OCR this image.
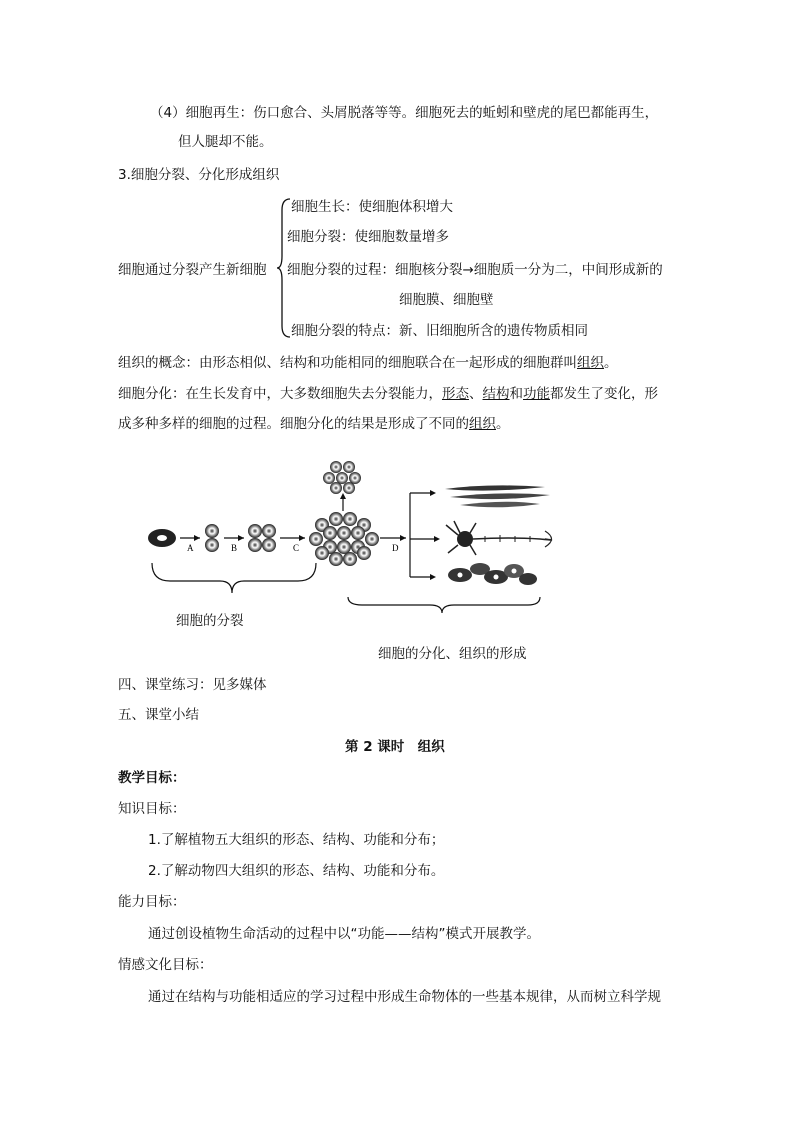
（4）细胞再生：伤口愈合、头屑脱落等等。细胞死去的蚯蚓和壁虎的尾巴都能再生，
但人腿却不能。
3.细胞分裂、分化形成组织
细胞通过分裂产生新细胞
细胞生长：使细胞体积增大
细胞分裂：使细胞数量增多
细胞分裂的过程：细胞核分裂→细胞质一分为二，中间形成新的
细胞膜、细胞壁
细胞分裂的特点：新、旧细胞所含的遗传物质相同
组织的概念：由形态相似、结构和功能相同的细胞联合在一起形成的细胞群叫组织。
细胞分化：在生长发育中，大多数细胞失去分裂能力，形态、结构和功能都发生了变化，形
成多种多样的细胞的过程。细胞分化的结果是形成了不同的组织。
A	B	C	D
细胞的分裂
细胞的分化、组织的形成
四、课堂练习：见多媒体
五、课堂小结
第 2 课时　组织
教学目标：
知识目标：
1.了解植物五大组织的形态、结构、功能和分布；
2.了解动物四大组织的形态、结构、功能和分布。
能力目标：
通过创设植物生命活动的过程中以“功能——结构”模式开展教学。
情感文化目标：
通过在结构与功能相适应的学习过程中形成生命物体的一些基本规律，从而树立科学规
